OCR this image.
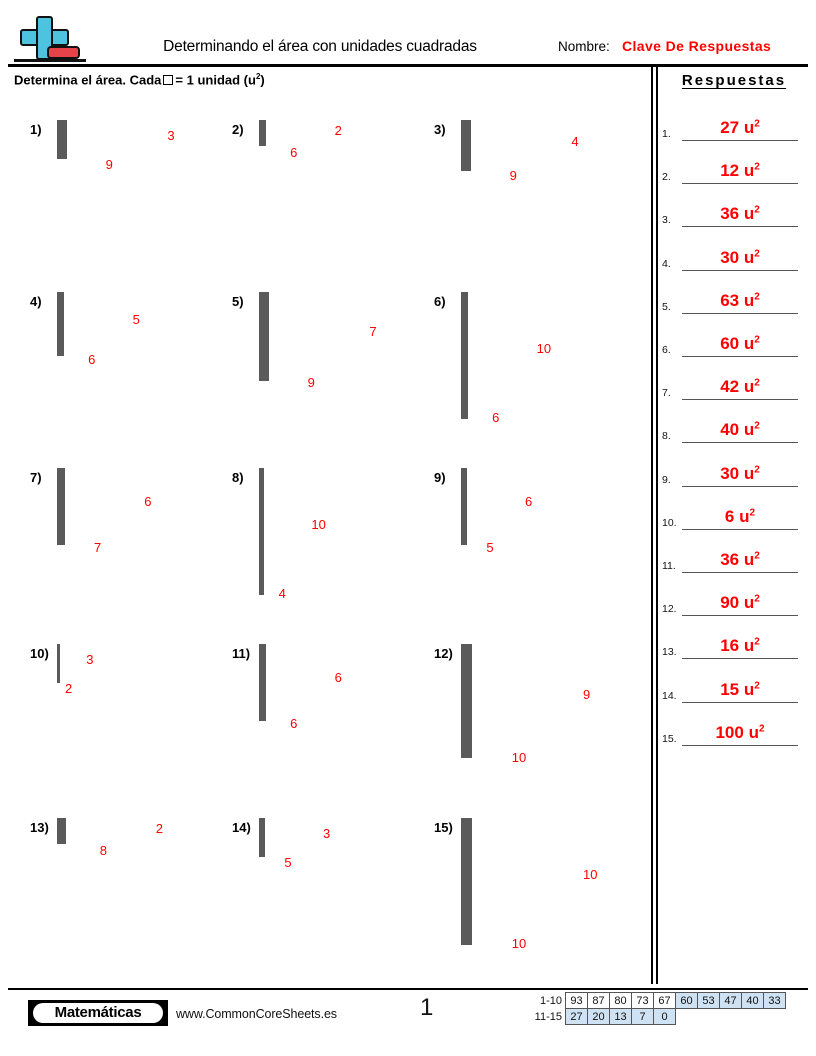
Determinando el área con unidades cuadradas	Nombre: Clave De Respuestas
Determina el área. Cada = 1 unidad $(u^2)$
1)

9
3	2)

6
2	3)

9
4
4)

6
5
5)

9
7
6)

6
10
7)

7
6
8)

4
10
9)

5
6
10)

2
3	11)

6
6
12)

10
9
13)

8
2	14)

5
3	15)

10
10
Respuestas
1.	27 $u^2$
2.	12 $u^2$
3.	36 $u^2$
4.	30 $u^2$
5.	63 $u^2$
6.	60 $u^2$
7.	42 $u^2$
8.	40 $u^2$
9.	30 $u^2$
10.	6 $u^2$
11.	36 $u^2$
12.	90 $u^2$
13.	16 $u^2$
14.	15 $u^2$
15.	100 $u^2$
Matemáticas	www.CommonCoreSheets.es	1	1-10	93	87	80	73	67	60	53	47	40	33
11-15	27	20	13	7	0					
